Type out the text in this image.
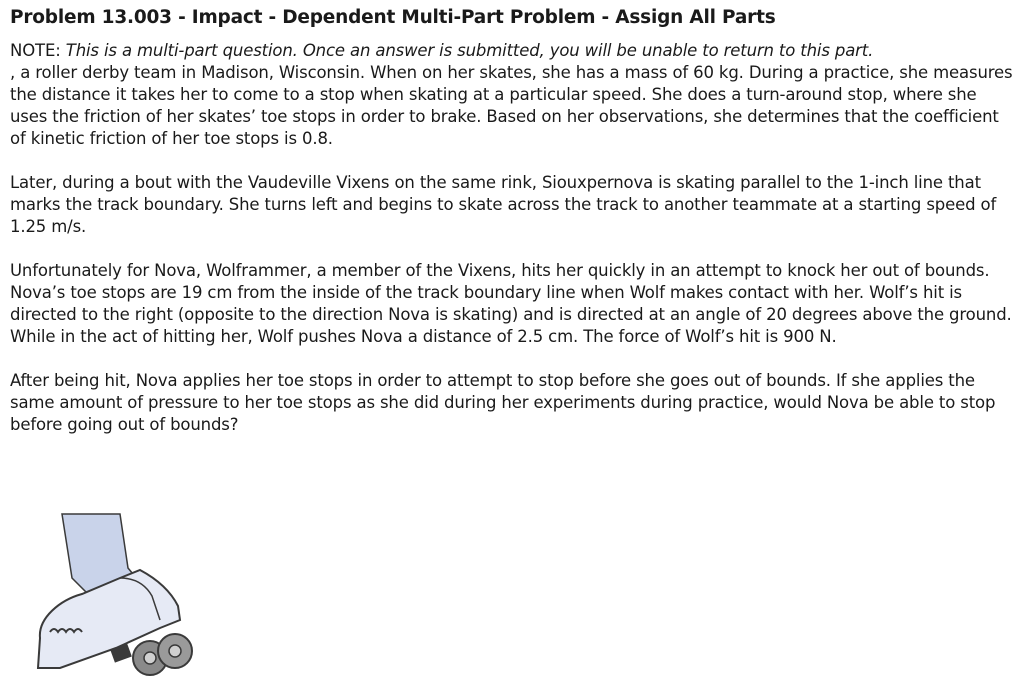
Problem 13.003 - Impact - Dependent Multi-Part Problem - Assign All Parts
NOTE: This is a multi-part question. Once an answer is submitted, you will be unable to return to this part.
, a roller derby team in Madison, Wisconsin. When on her skates, she has a mass of 60 kg. During a practice, she measures the distance it takes her to come to a stop when skating at a particular speed. She does a turn-around stop, where she uses the friction of her skates’ toe stops in order to brake. Based on her observations, she determines that the coefficient of kinetic friction of her toe stops is 0.8.
Later, during a bout with the Vaudeville Vixens on the same rink, Siouxpernova is skating parallel to the 1-inch line that marks the track boundary. She turns left and begins to skate across the track to another teammate at a starting speed of 1.25 m/s.
Unfortunately for Nova, Wolframmer, a member of the Vixens, hits her quickly in an attempt to knock her out of bounds. Nova’s toe stops are 19 cm from the inside of the track boundary line when Wolf makes contact with her. Wolf’s hit is directed to the right (opposite to the direction Nova is skating) and is directed at an angle of 20 degrees above the ground. While in the act of hitting her, Wolf pushes Nova a distance of 2.5 cm. The force of Wolf’s hit is 900 N.
After being hit, Nova applies her toe stops in order to attempt to stop before she goes out of bounds. If she applies the same amount of pressure to her toe stops as she did during her experiments during practice, would Nova be able to stop before going out of bounds?
